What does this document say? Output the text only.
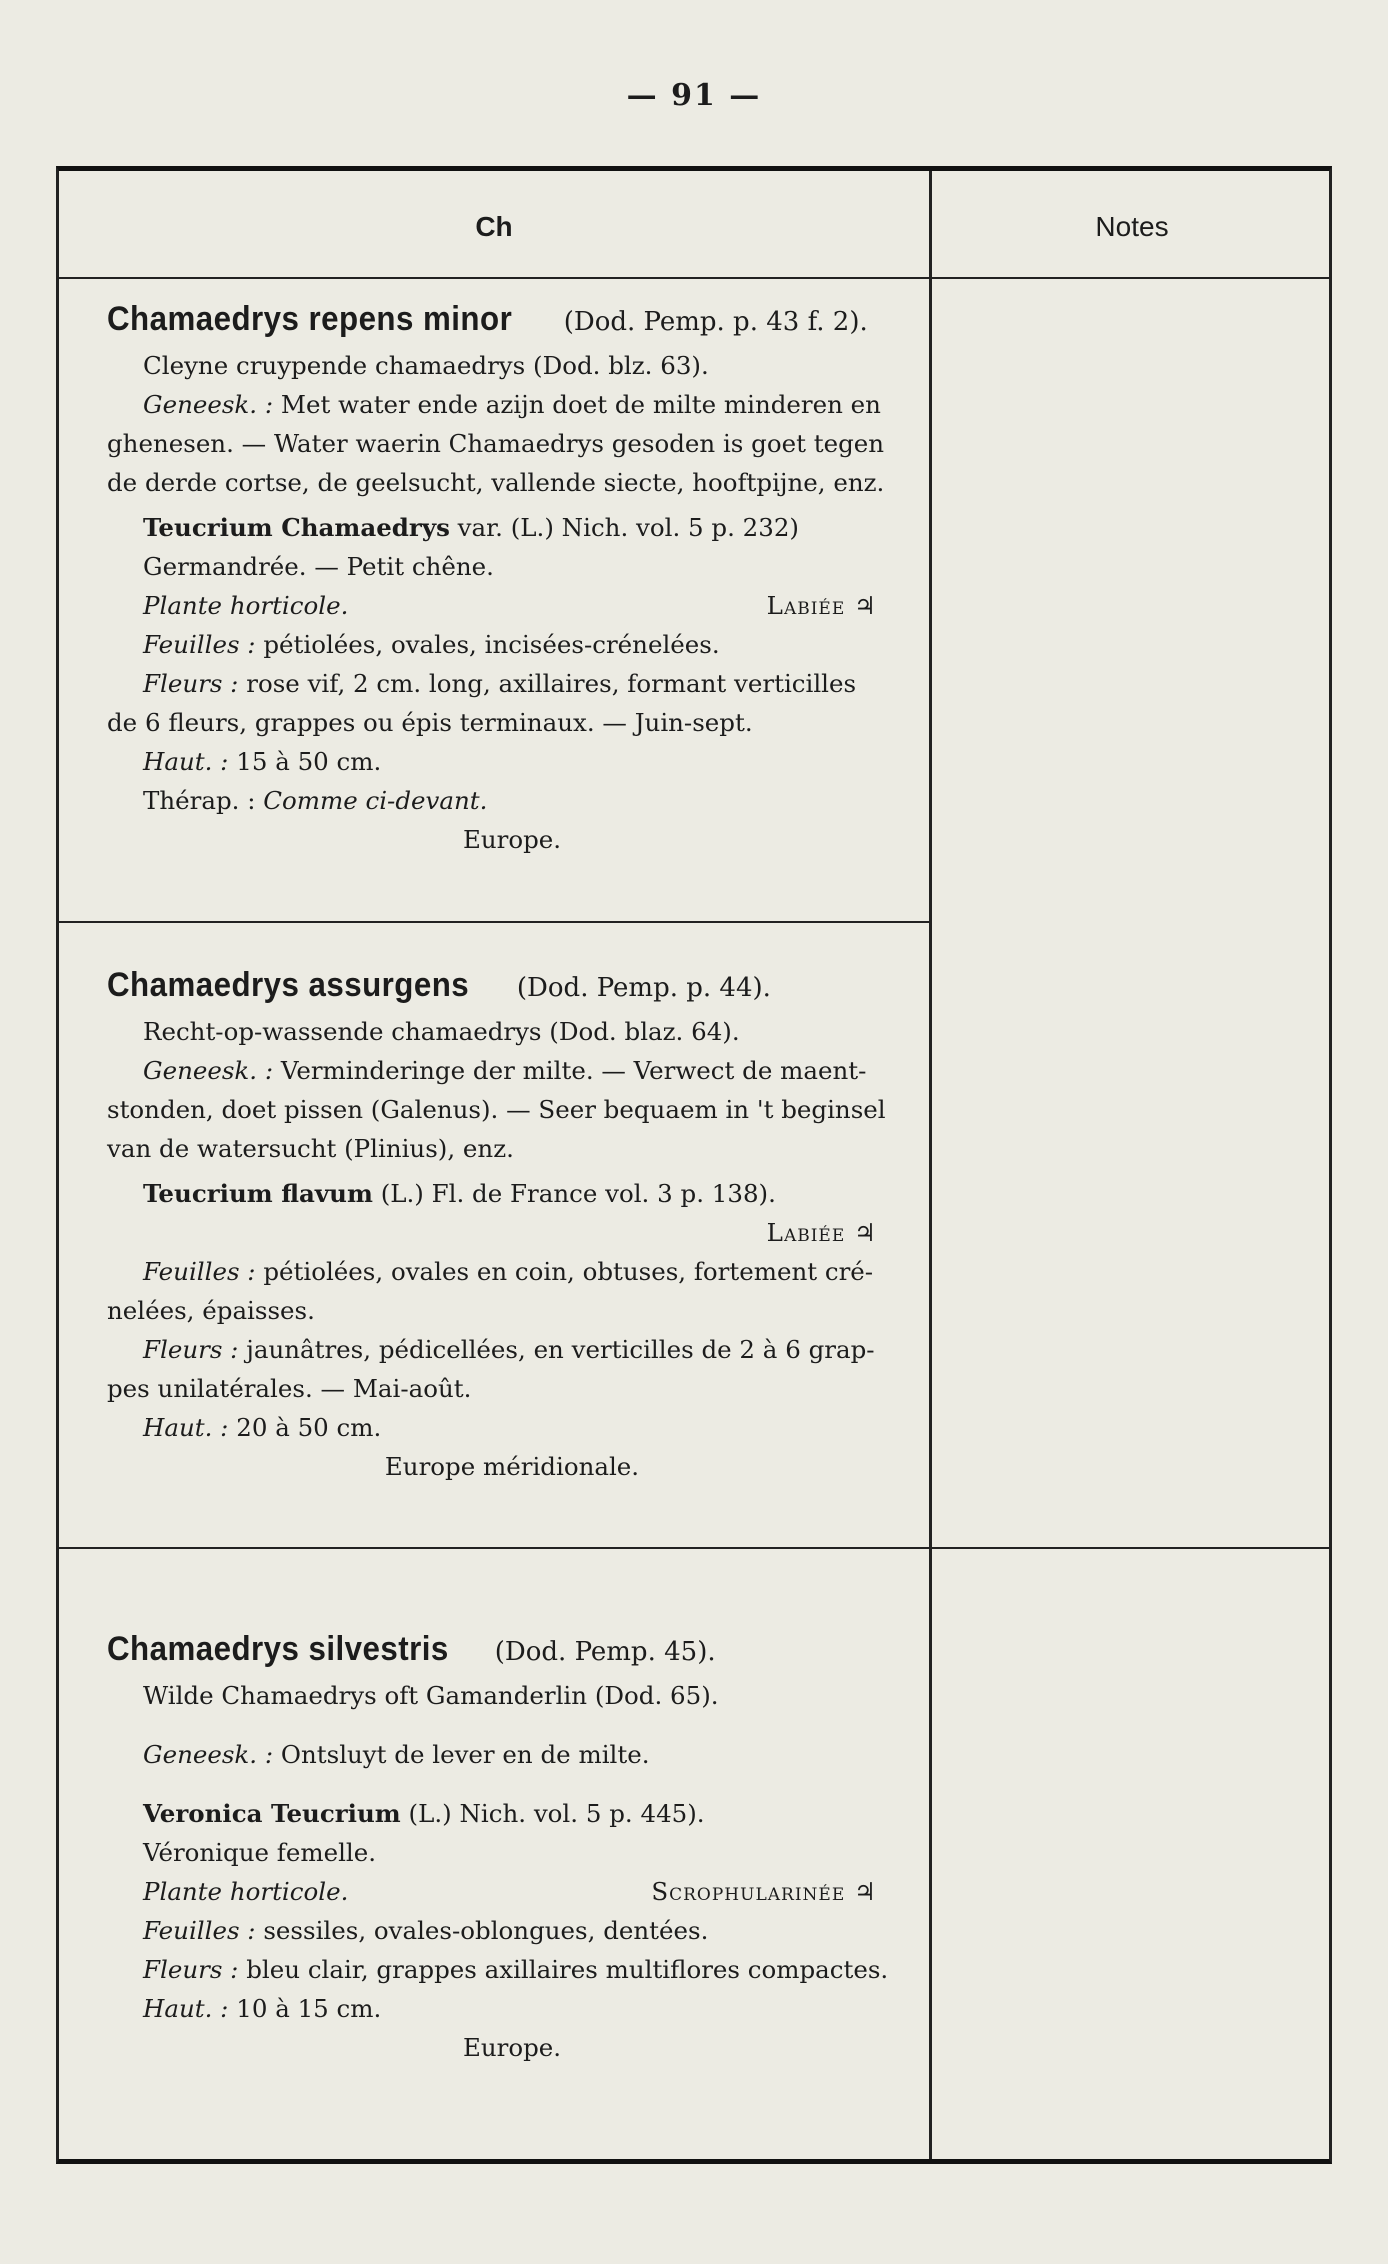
— 91 —
Ch	Notes
Chamaedrys repens minor (Dod. Pemp. p. 43 f. 2).
Cleyne cruypende chamaedrys (Dod. blz. 63).
Geneesk. : Met water ende azijn doet de milte minderen en
ghenesen. — Water waerin Chamaedrys gesoden is goet tegen
de derde cortse, de geelsucht, vallende siecte, hooftpijne, enz.
Teucrium Chamaedrys var. (L.) Nich. vol. 5 p. 232)
Germandrée. — Petit chêne.
Plante horticole.	Labiée ♃
Feuilles : pétiolées, ovales, incisées-crénelées.
Fleurs : rose vif, 2 cm. long, axillaires, formant verticilles
de 6 fleurs, grappes ou épis terminaux. — Juin-sept.
Haut. : 15 à 50 cm.
Thérap. : Comme ci-devant.
Europe.
Chamaedrys assurgens (Dod. Pemp. p. 44).
Recht-op-wassende chamaedrys (Dod. blaz. 64).
Geneesk. : Verminderinge der milte. — Verwect de maent-
stonden, doet pissen (Galenus). — Seer bequaem in 't beginsel
van de watersucht (Plinius), enz.
Teucrium flavum (L.) Fl. de France vol. 3 p. 138).
Labiée ♃
Feuilles : pétiolées, ovales en coin, obtuses, fortement cré-
nelées, épaisses.
Fleurs : jaunâtres, pédicellées, en verticilles de 2 à 6 grap-
pes unilatérales. — Mai-août.
Haut. : 20 à 50 cm.
Europe méridionale.
Chamaedrys silvestris (Dod. Pemp. 45).
Wilde Chamaedrys oft Gamanderlin (Dod. 65).
Geneesk. : Ontsluyt de lever en de milte.
Veronica Teucrium (L.) Nich. vol. 5 p. 445).
Véronique femelle.
Plante horticole.	Scrophularinée ♃
Feuilles : sessiles, ovales-oblongues, dentées.
Fleurs : bleu clair, grappes axillaires multiflores compactes.
Haut. : 10 à 15 cm.
Europe.
